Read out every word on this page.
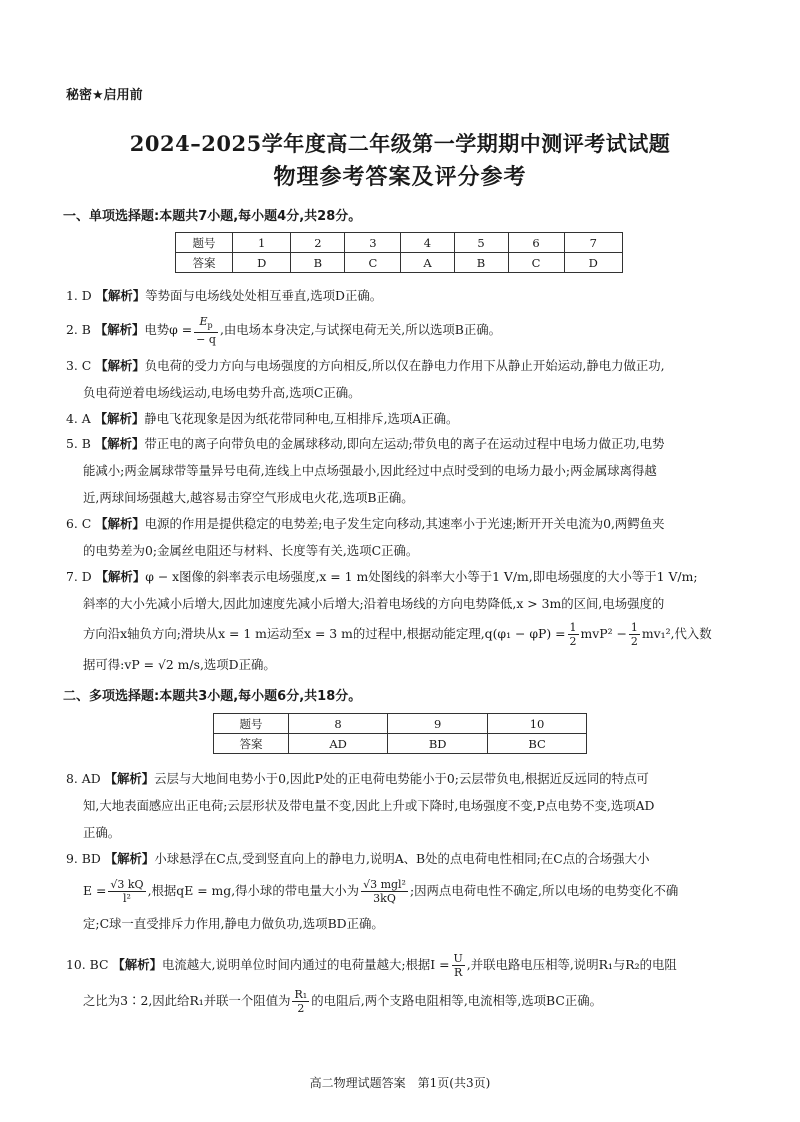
秘密★启用前
2024–2025学年度高二年级第一学期期中测评考试试题
物理参考答案及评分参考
一、单项选择题:本题共7小题,每小题4分,共28分。
题号	1	2	3	4	5	6	7
答案	D	B	C	A	B	C	D
1. D 【解析】等势面与电场线处处相互垂直,选项D正确。
2. B 【解析】电势$\varphi = \frac{E_p}{- q}$ ,由电场本身决定,与试探电荷无关,所以选项B正确。
3. C 【解析】负电荷的受力方向与电场强度的方向相反,所以仅在静电力作用下从静止开始运动,静电力做正功,
负电荷逆着电场线运动,电场电势升高,选项C正确。
4. A 【解析】静电飞花现象是因为纸花带同种电,互相排斥,选项A正确。
5. B 【解析】带正电的离子向带负电的金属球移动,即向左运动;带负电的离子在运动过程中电场力做正功,电势
能减小;两金属球带等量异号电荷,连线上中点场强最小,因此经过中点时受到的电场力最小;两金属球离得越
近,两球间场强越大,越容易击穿空气形成电火花,选项B正确。
6. C 【解析】电源的作用是提供稳定的电势差;电子发生定向移动,其速率小于光速;断开开关电流为0,两鳄鱼夹
的电势差为0;金属丝电阻还与材料、长度等有关,选项C正确。
7. D 【解析】φ − x图像的斜率表示电场强度,x = 1 m处图线的斜率大小等于1 V/m,即电场强度的大小等于1 V/m;
斜率的大小先减小后增大,因此加速度先减小后增大;沿着电场线的方向电势降低,x > 3m的区间,电场强度的
方向沿x轴负方向;滑块从x = 1 m运动至x = 3 m的过程中,根据动能定理$,q(\varphi_1 - \varphi P) = \frac{1}{2} mvP^2 - \frac{1}{2} mv_1^2$,代入数
据可得:vP = √2 m/s,选项D正确。
二、多项选择题:本题共3小题,每小题6分,共18分。
题号	8	9	10
答案	AD	BD	BC
8. AD 【解析】云层与大地间电势小于0,因此P处的正电荷电势能小于0;云层带负电,根据近反远同的特点可
知,大地表面感应出正电荷;云层形状及带电量不变,因此上升或下降时,电场强度不变,P点电势不变,选项AD
正确。
9. BD 【解析】小球悬浮在C点,受到竖直向上的静电力,说明A、B处的点电荷电性相同;在C点的合场强大小
$E = \frac{√3 kQ}{\text{l²}}$ ,根据qE = mg,得小球的带电量大小为 $\frac{\text{√3 mgl²}}{3kQ}$ ;因两点电荷电性不确定,所以电场的电势变化不确
定;C球一直受排斥力作用,静电力做负功,选项BD正确。
10. BC 【解析】电流越大,说明单位时间内通过的电荷量越大;根据$I = \frac{U}{R}$ ,并联电路电压相等,说明R₁与R₂的电阻
之比为3∶2,因此给R₁并联一个阻值为 $\frac{\text{R₁}}{2}$ 的电阻后,两个支路电阻相等,电流相等,选项BC正确。
高二物理试题答案　第1页(共3页)
